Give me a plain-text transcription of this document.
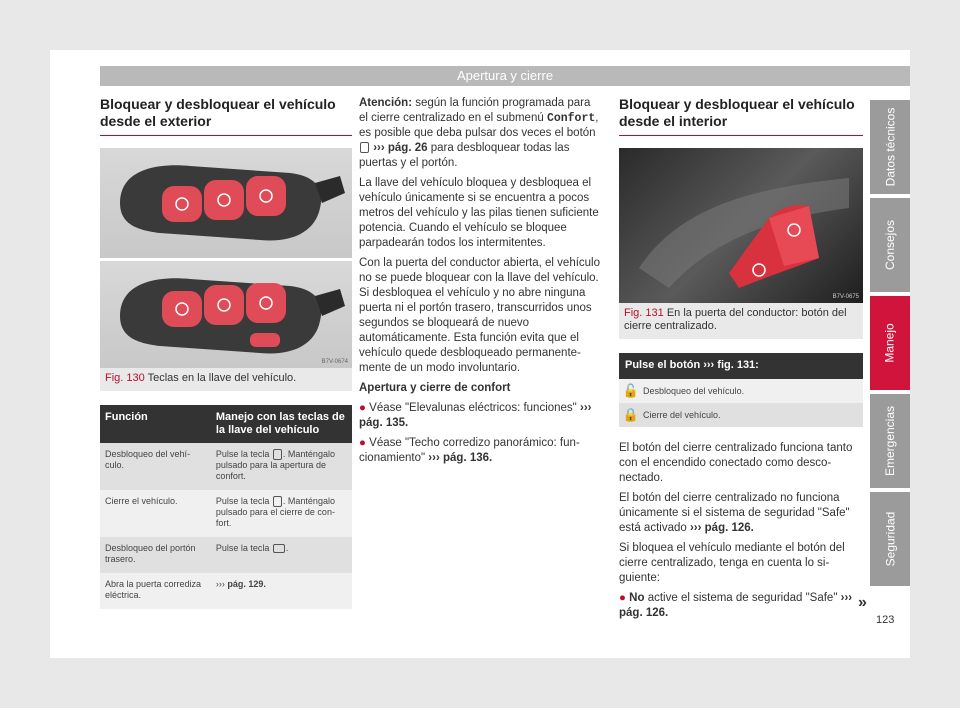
Apertura y cierre
Bloquear y desbloquear el vehículo desde el exterior
B7V-0674
Fig. 130 Teclas en la llave del vehículo.
Función	Manejo con las teclas de la llave del vehículo
Desbloqueo del vehículo.	Pulse la tecla . Manténgalo pulsado para la apertura de confort.
Cierre el vehículo.	Pulse la tecla . Manténgalo pulsado para el cierre de confort.
Desbloqueo del portón trasero.	Pulse la tecla .
Abra la puerta corrediza eléctrica.	››› pág. 129.

Atención: según la función programada para el cierre centralizado en el submenú Confort, es posible que deba pulsar dos veces el botón  ››› pág. 26 para desbloquear todas las puertas y el portón.

La llave del vehículo bloquea y desbloquea el vehículo únicamente si se encuentra a pocos metros del vehículo y las pilas tienen suficiente potencia. Cuando el vehículo se bloquee parpadearán todos los intermitentes.

Con la puerta del conductor abierta, el vehículo no se puede bloquear con la llave del vehículo. Si desbloquea el vehículo y no abre ninguna puerta ni el portón trasero, transcurridos unos segundos se bloqueará de nuevo automáticamente. Esta función evita que el vehículo quede desbloqueado permanentemente de un modo involuntario.

Apertura y cierre de confort

● Véase "Elevalunas eléctricos: funciones" ››› pág. 135.

● Véase "Techo corredizo panorámico: funcionamiento" ››› pág. 136.

Bloquear y desbloquear el vehículo desde el interior
B7V-0675
Fig. 131 En la puerta del conductor: botón del cierre centralizado.
Pulse el botón ››› fig. 131:
🔓 Desbloqueo del vehículo.
🔒 Cierre del vehículo.

El botón del cierre centralizado funciona tanto con el encendido conectado como desconectado.

El botón del cierre centralizado no funciona únicamente si el sistema de seguridad "Safe" está activado ››› pág. 126.

Si bloquea el vehículo mediante el botón del cierre centralizado, tenga en cuenta lo siguiente:

● No active el sistema de seguridad "Safe" ››› pág. 126.

Datos técnicos
Consejos
Manejo
Emergencias
Seguridad
»
123
